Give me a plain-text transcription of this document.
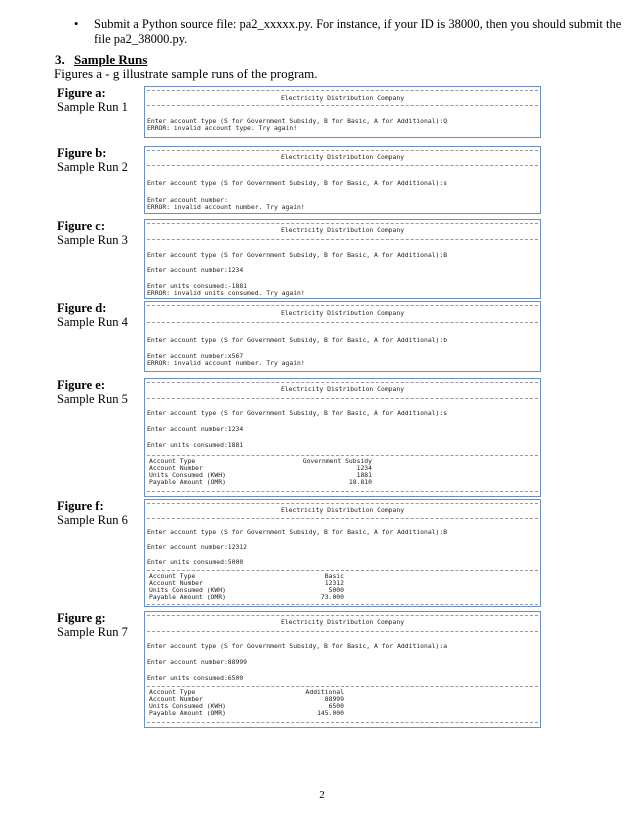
• Submit a Python source file: pa2_xxxxx.py. For instance, if your ID is 38000, then you should submit the
file pa2_38000.py.
3. Sample Runs
Figures a - g illustrate sample runs of the program.
Figure a:
Sample Run 1
Electricity Distribution Company
Enter account type (S for Government Subsidy, B for Basic, A for Additional):Q
ERROR: invalid account type. Try again!
Figure b:
Sample Run 2
Electricity Distribution Company
Enter account type (S for Government Subsidy, B for Basic, A for Additional):s
Enter account number:
ERROR: invalid account number. Try again!
Figure c:
Sample Run 3
Electricity Distribution Company
Enter account type (S for Government Subsidy, B for Basic, A for Additional):B
Enter account number:1234
Enter units consumed:-1881
ERROR: invalid units consumed. Try again!
Figure d:
Sample Run 4
Electricity Distribution Company
Enter account type (S for Government Subsidy, B for Basic, A for Additional):b
Enter account number:x567
ERROR: invalid account number. Try again!
Figure e:
Sample Run 5
Electricity Distribution Company
Enter account type (S for Government Subsidy, B for Basic, A for Additional):s
Enter account number:1234
Enter units consumed:1881
Account Type
Account Number
Units Consumed (KWH)
Payable Amount (OMR)
Government Subsidy
1234
1881
18.810
Figure f:
Sample Run 6
Electricity Distribution Company
Enter account type (S for Government Subsidy, B for Basic, A for Additional):B
Enter account number:12312
Enter units consumed:5000
Account Type
Account Number
Units Consumed (KWH)
Payable Amount (OMR)
Basic
12312
5000
73.000
Figure g:
Sample Run 7
Electricity Distribution Company
Enter account type (S for Government Subsidy, B for Basic, A for Additional):a
Enter account number:88999
Enter units consumed:6500
Account Type
Account Number
Units Consumed (KWH)
Payable Amount (OMR)
Additional
88999
6500
145.000
2
